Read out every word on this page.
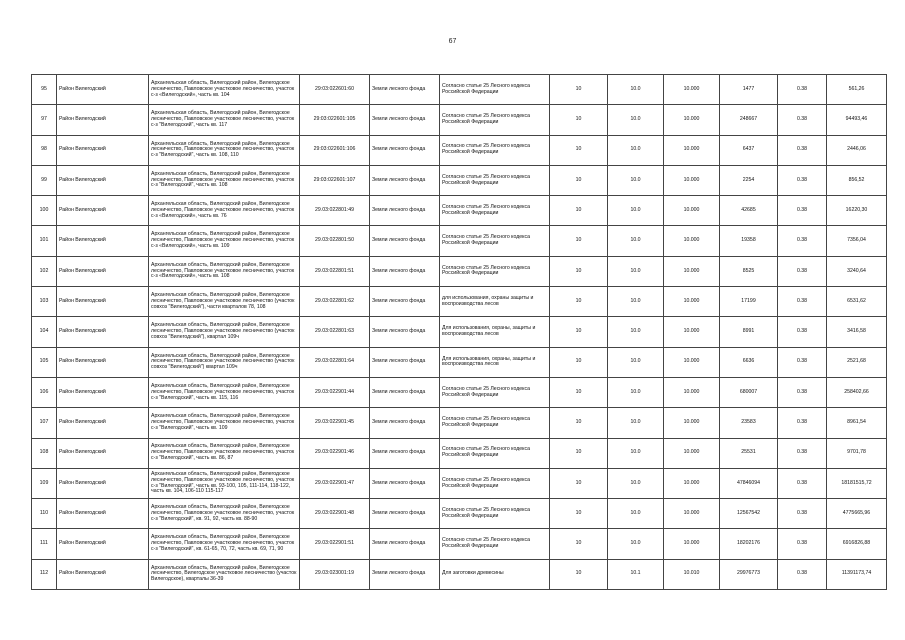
67
95	Район Вилегодский	Архангельская область, Вилегодский район, Вилегодское лесничество, Павловское участковое лесничество, участок с-з «Вилегодский», часть кв. 104	29:03:022601:60	Земли лесного фонда	Согласно статье 25 Лесного кодекса Российской Федерации	10	10.0	10.000	1477	0.38	561,26
97	Район Вилегодский	Архангельская область, Вилегодский район, Вилегодское лесничество, Павловское участковое лесничество, участок с-з "Вилегодский", часть кв. 117	29:03:022601:105	Земли лесного фонда	Согласно статье 25 Лесного кодекса Российской Федерации	10	10.0	10.000	248667	0.38	94493,46
98	Район Вилегодский	Архангельская область, Вилегодский район, Вилегодское лесничество, Павловское участковое лесничество, участок с-з "Вилегодский", часть кв. 108, 110	29:03:022601:106	Земли лесного фонда	Согласно статье 25 Лесного кодекса Российской Федерации	10	10.0	10.000	6437	0.38	2446,06
99	Район Вилегодский	Архангельская область, Вилегодский район, Вилегодское лесничество, Павловское участковое лесничество, участок с-з "Вилегодский", часть кв. 108	29:03:022601:107	Земли лесного фонда	Согласно статье 25 Лесного кодекса Российской Федерации	10	10.0	10.000	2254	0.38	856,52
100	Район Вилегодский	Архангельская область, Вилегодский район, Вилегодское лесничество, Павловское участковое лесничество, участок с-з «Вилегодский», часть кв. 76	29.03:022801:49	Земли лесного фонда	Согласно статье 25 Лесного кодекса Российской Федерации	10	10.0	10.000	42685	0.38	16220,30
101	Район Вилегодский	Архангельская область, Вилегодский район, Вилегодское лесничество, Павловское участковое лесничество, участок с-з «Вилегодский», часть кв. 109	29.03:022801:50	Земли лесного фонда	Согласно статье 25 Лесного кодекса Российской Федерации	10	10.0	10.000	19358	0.38	7356,04
102	Район Вилегодский	Архангельская область, Вилегодский район, Вилегодское лесничество, Павловское участковое лесничество, участок с-з «Вилегодский», часть кв. 108	29.03:022801:51	Земли лесного фонда	Согласно статье 25 Лесного кодекса Российской Федерации	10	10.0	10.000	8525	0.38	3240,64
103	Район Вилегодский	Архангельская область, Вилегодский район, Вилегодское лесничество, Павловское участковое лесничество (участок совхоз "Вилегодский"), части кварталов 78, 108	29.03:022801:62	Земли лесного фонда	для использования, охраны защиты и воспроизводства лесов	10	10.0	10.000	17199	0.38	6531,62
104	Район Вилегодский	Архангельская область, Вилегодский район, Вилегодское лесничество, Павловское участковое лесничество (участок совхоз "Вилегодский"), квартал 109ч	29.03:022801:63	Земли лесного фонда	Для использования, охраны, защиты и воспроизводства лесов	10	10.0	10.000	8991	0.38	3416,58
105	Район Вилегодский	Архангельская область, Вилегодский район, Вилегодское лесничество, Павловское участковое лесничество (участок совхоз "Вилегодский") квартал 109ч	29.03:022801:64	Земли лесного фонда	Для использования, охраны, защиты и воспроизводства лесов	10	10.0	10.000	6636	0.38	2521,68
106	Район Вилегодский	Архангельская область, Вилегодский район, Вилегодское лесничество, Павловское участковое лесничество, участок с-з "Вилегодский", часть кв. 115, 116	29.03:022901:44	Земли лесного фонда	Согласно статье 25 Лесного кодекса Российской Федерации	10	10.0	10.000	680007	0.38	258402,66
107	Район Вилегодский	Архангельская область, Вилегодский район, Вилегодское лесничество, Павловское участковое лесничество, участок с-з "Вилегодский", часть кв. 109	29.03:022901:45	Земли лесного фонда	Согласно статье 25 Лесного кодекса Российской Федерации	10	10.0	10.000	23583	0.38	8961,54
108	Район Вилегодский	Архангельская область, Вилегодский район, Вилегодское лесничество, Павловское участковое лесничество, участок с-з "Вилегодский", часть кв. 86, 87	29.03:022901:46	Земли лесного фонда	Согласно статье 25 Лесного кодекса Российской Федерации	10	10.0	10.000	25531	0.38	9701,78
109	Район Вилегодский	Архангельская область, Вилегодский район, Вилегодское лесничество, Павловское участковое лесничество, участок с-з "Вилегодский", часть кв. 93-100, 105, 111-114, 118-122, часть кв. 104, 106-110 115-117	29.03:022901:47	Земли лесного фонда	Согласно статье 25 Лесного кодекса Российской Федерации	10	10.0	10.000	47846094	0.38	18181515,72
110	Район Вилегодский	Архангельская область, Вилегодский район, Вилегодское лесничество, Павловское участковое лесничество, участок с-з "Вилегодский", кв. 91, 92, часть кв. 88-90	29.03:022901:48	Земли лесного фонда	Согласно статье 25 Лесного кодекса Российской Федерации	10	10.0	10.000	12567542	0.38	4775665,96
111	Район Вилегодский	Архангельская область, Вилегодский район, Вилегодское лесничество, Павловское участковое лесничество, участок с-з "Вилегодский", кв. 61-65, 70, 72, часть кв. 69, 71, 90	29.03:022901:51	Земли лесного фонда	Согласно статье 25 Лесного кодекса Российской Федерации	10	10.0	10.000	18202176	0.38	6916826,88
112	Район Вилегодский	Архангельская область, Вилегодский район, Вилегодское лесничество, Вилегодское участковое лесничество (участок Вилегодское), кварталы 36-39	29.03:023001:19	Земли лесного фонда	Для заготовки древесины	10	10.1	10.010	29976773	0.38	11391173,74
